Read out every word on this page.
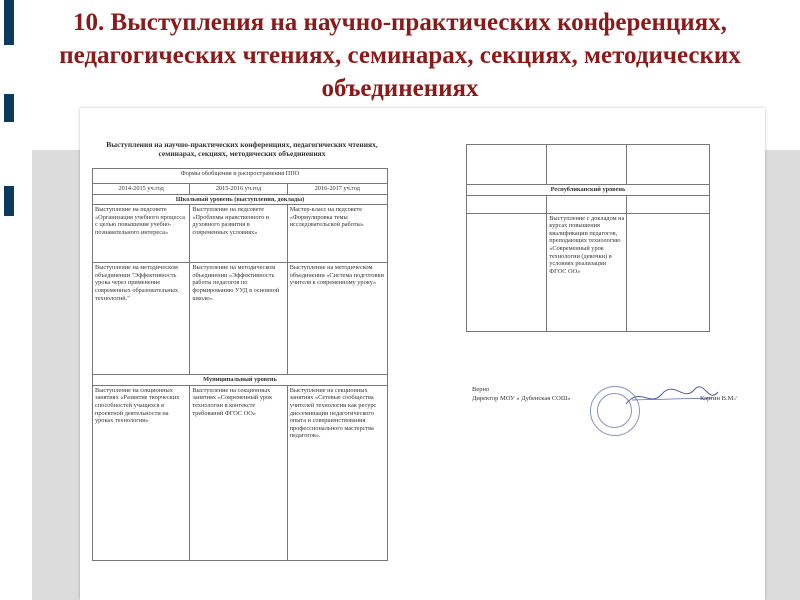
10. Выступления на научно-практических конференциях, педагогических чтениях, семинарах, секциях, методических объединениях

Выступления на научно-практических конференциях, педагогических чтениях, семинарах, секциях, методических объединениях

Формы обобщения и распространения ППО		
2014-2015 уч.год	2015-2016 уч.год	2016-2017 уч.год
Школьный уровень (выступления, доклады)		
Выступление на педсовете «Организация учебного процесса с целью повышения учебно-познавательного интереса»	Выступление на педсовете «Проблемы нравственного и духовного развития в современных условиях»	Мастер-класс на педсовете «Формулировка темы исследовательской работы»
Выступление на методическом объединении "Эффективность урока через применение современных образовательных технологий."	Выступление на методическом объединении «Эффективность работы педагогов по формированию УУД в основной школе».	Выступление на методическом объединении «Система подготовки учителя к современному уроку»
Муниципальный уровень		
Выступление на секционных занятиях «Развитие творческих способностей учащихся в проектной деятельности на уроках технологии»	Выступление на секционных занятиях «Современный урок технологии в контексте требований ФГОС ОО»	Выступление на секционных занятиях «Сетевые сообщества учителей технологии как ресурс диссеминации педагогического опыта и совершенствования профессионального мастерства педагогов».

Республиканский уровень		

	Выступление с докладом на курсах повышения квалификации педагогов, преподающих технологию «Современный урок технологии (девочки) в условиях реализации ФГОС ОО»	
Верно
Директор МОУ « Дубенская СОШ»	Каргин В.М./
